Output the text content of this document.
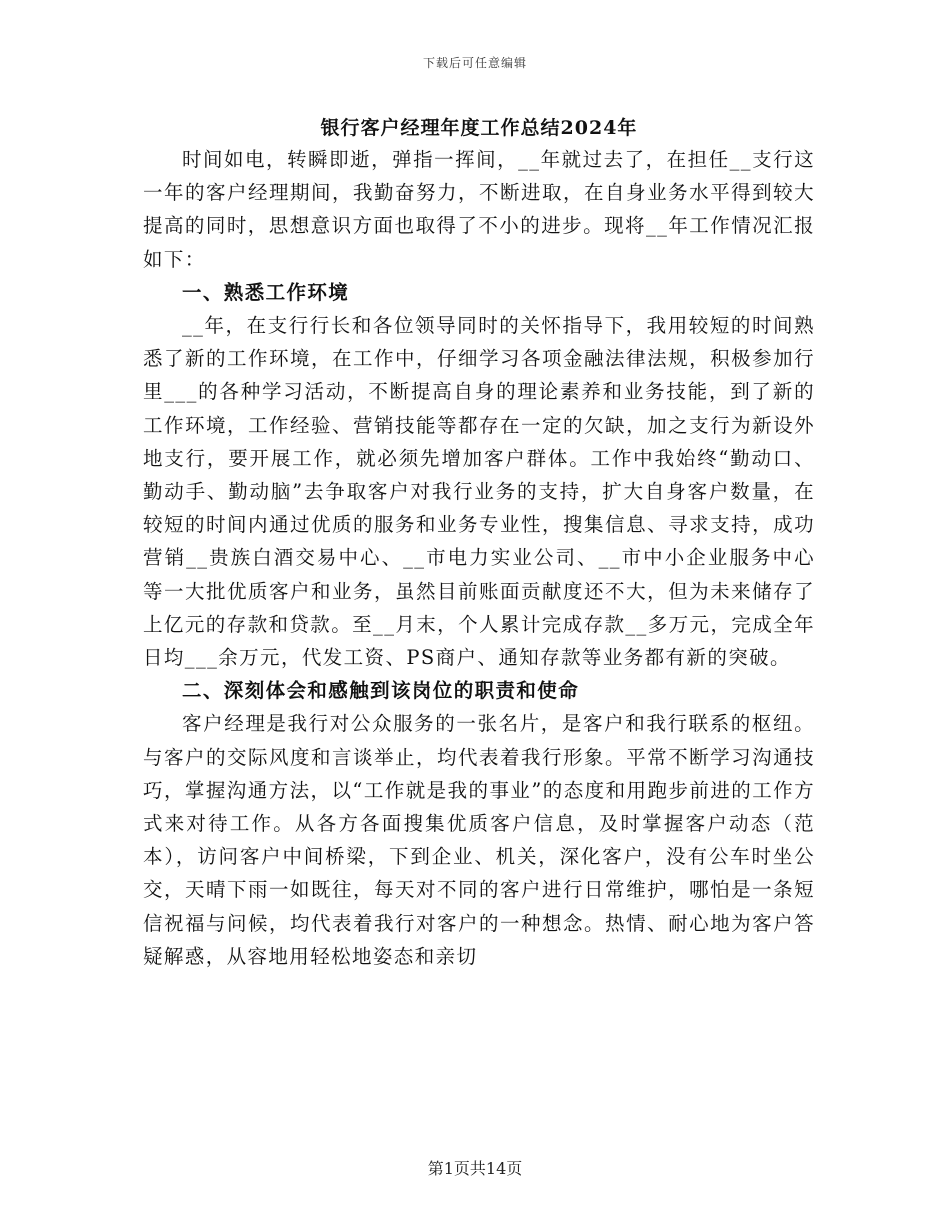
下载后可任意编辑
银行客户经理年度工作总结2024年

时间如电，转瞬即逝，弹指一挥间，__年就过去了，在担任__支行这一年的客户经理期间，我勤奋努力，不断进取，在自身业务水平得到较大提高的同时，思想意识方面也取得了不小的进步。现将__年工作情况汇报如下：

一、熟悉工作环境

__年，在支行行长和各位领导同时的关怀指导下，我用较短的时间熟悉了新的工作环境，在工作中，仔细学习各项金融法律法规，积极参加行里___的各种学习活动，不断提高自身的理论素养和业务技能，到了新的工作环境，工作经验、营销技能等都存在一定的欠缺，加之支行为新设外地支行，要开展工作，就必须先增加客户群体。工作中我始终“勤动口、勤动手、勤动脑”去争取客户对我行业务的支持，扩大自身客户数量，在较短的时间内通过优质的服务和业务专业性，搜集信息、寻求支持，成功营销__贵族白酒交易中心、__市电力实业公司、__市中小企业服务中心等一大批优质客户和业务，虽然目前账面贡献度还不大，但为未来储存了上亿元的存款和贷款。至__月末，个人累计完成存款__多万元，完成全年日均___余万元，代发工资、PS商户、通知存款等业务都有新的突破。

二、深刻体会和感触到该岗位的职责和使命

客户经理是我行对公众服务的一张名片，是客户和我行联系的枢纽。与客户的交际风度和言谈举止，均代表着我行形象。平常不断学习沟通技巧，掌握沟通方法，以“工作就是我的事业”的态度和用跑步前进的工作方式来对待工作。从各方各面搜集优质客户信息，及时掌握客户动态（范本），访问客户中间桥梁，下到企业、机关，深化客户，没有公车时坐公交，天晴下雨一如既往，每天对不同的客户进行日常维护，哪怕是一条短信祝福与问候，均代表着我行对客户的一种想念。热情、耐心地为客户答疑解惑，从容地用轻松地姿态和亲切

第1页共14页
